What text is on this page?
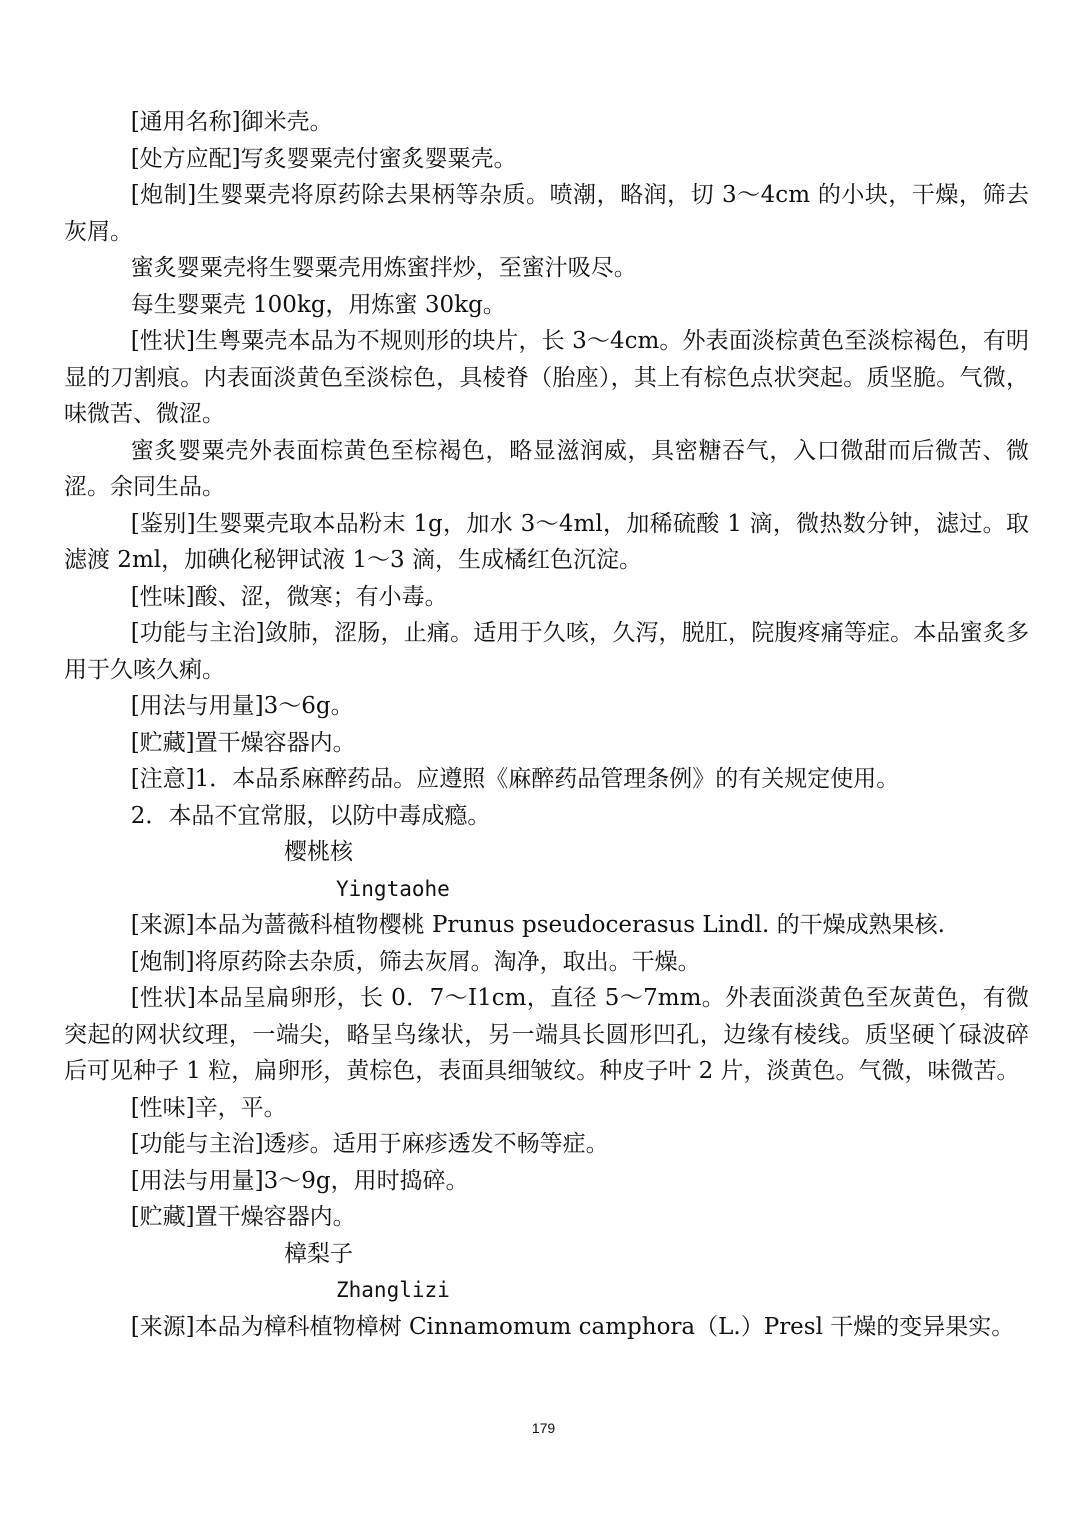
[通用名称]御米壳。

[处方应配]写炙婴粟壳付蜜炙婴粟壳。

[炮制]生婴粟壳将原药除去果柄等杂质。喷潮，略润，切 3～4cm 的小块，干燥，筛去灰屑。

蜜炙婴粟壳将生婴粟壳用炼蜜拌炒，至蜜汁吸尽。

每生婴粟壳 100kg，用炼蜜 30kg。

[性状]生粤粟壳本品为不规则形的块片，长 3～4cm。外表面淡棕黄色至淡棕褐色，有明显的刀割痕。内表面淡黄色至淡棕色，具棱脊（胎座），其上有棕色点状突起。质坚脆。气微，味微苦、微涩。

蜜炙婴粟壳外表面棕黄色至棕褐色，略显滋润威，具密糖吞气，入口微甜而后微苦、微涩。余同生品。

[鉴别]生婴粟壳取本品粉末 1g，加水 3～4ml，加稀硫酸 1 滴，微热数分钟，滤过。取滤渡 2ml，加碘化秘钾试液 1～3 滴，生成橘红色沉淀。

[性味]酸、涩，微寒；有小毒。

[功能与主治]敛肺，涩肠，止痛。适用于久咳，久泻，脱肛，院腹疼痛等症。本品蜜炙多用于久咳久痢。

[用法与用量]3～6g。

[贮藏]置干燥容器内。

[注意]1．本品系麻醉药品。应遵照《麻醉药品管理条例》的有关规定使用。

2．本品不宜常服，以防中毒成瘾。

樱桃核

Yingtaohe

[来源]本品为蔷薇科植物樱桃 Prunus pseudocerasus Lindl. 的干燥成熟果核.

[炮制]将原药除去杂质，筛去灰屑。淘净，取出。干燥。

[性状]本品呈扁卵形，长 0．7～I1cm，直径 5～7mm。外表面淡黄色至灰黄色，有微突起的网状纹理，一端尖，略呈鸟缘状，另一端具长圆形凹孔，边缘有棱线。质坚硬丫碌波碎后可见种子 1 粒，扁卵形，黄棕色，表面具细皱纹。种皮子叶 2 片，淡黄色。气微，味微苦。

[性味]辛，平。

[功能与主治]透疹。适用于麻疹透发不畅等症。

[用法与用量]3～9g，用时捣碎。

[贮藏]置干燥容器内。

樟梨子

Zhanglizi

[来源]本品为樟科植物樟树 Cinnamomum camphora（L.）Presl 干燥的变异果实。

179
